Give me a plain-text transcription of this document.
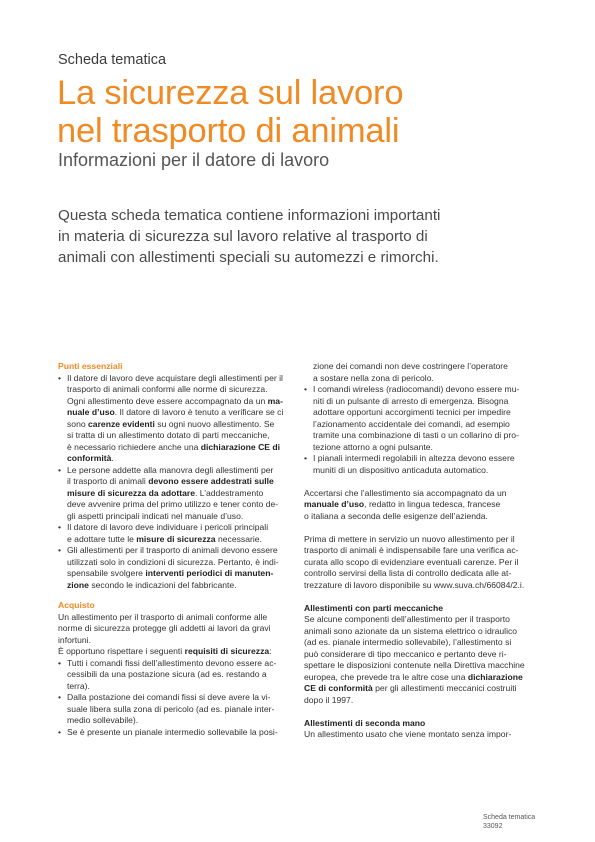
Scheda tematica
La sicurezza sul lavoro
nel trasporto di animali
Informazioni per il datore di lavoro

Questa scheda tematica contiene informazioni importanti
in materia di sicurezza sul lavoro relative al trasporto di
animali con allestimenti speciali su automezzi e rimorchi.

Punti essenziali
• Il datore di lavoro deve acquistare degli allestimenti per il
trasporto di animali conformi alle norme di sicurezza.
Ogni allestimento deve essere accompagnato da un ma-
nuale d’uso. Il datore di lavoro è tenuto a verificare se ci
sono carenze evidenti su ogni nuovo allestimento. Se
si tratta di un allestimento dotato di parti meccaniche,
è necessario richiedere anche una dichiarazione CE di
conformità.
• Le persone addette alla manovra degli allestimenti per
il trasporto di animali devono essere addestrati sulle
misure di sicurezza da adottare. L’addestramento
deve avvenire prima del primo utilizzo e tener conto de-
gli aspetti principali indicati nel manuale d’uso.
• Il datore di lavoro deve individuare i pericoli principali
e adottare tutte le misure di sicurezza necessarie.
• Gli allestimenti per il trasporto di animali devono essere
utilizzati solo in condizioni di sicurezza. Pertanto, è indi-
spensabile svolgere interventi periodici di manuten-
zione secondo le indicazioni del fabbricante.
Acquisto
Un allestimento per il trasporto di animali conforme alle
norme di sicurezza protegge gli addetti ai lavori da gravi
infortuni.
È opportuno rispettare i seguenti requisiti di sicurezza:
• Tutti i comandi fissi dell’allestimento devono essere ac-
cessibili da una postazione sicura (ad es. restando a
terra).
• Dalla postazione dei comandi fissi si deve avere la vi-
suale libera sulla zona di pericolo (ad es. pianale inter-
medio sollevabile).
• Se è presente un pianale intermedio sollevabile la posi-
zione dei comandi non deve costringere l’operatore
a sostare nella zona di pericolo.
• I comandi wireless (radiocomandi) devono essere mu-
niti di un pulsante di arresto di emergenza. Bisogna
adottare opportuni accorgimenti tecnici per impedire
l’azionamento accidentale dei comandi, ad esempio
tramite una combinazione di tasti o un collarino di pro-
tezione attorno a ogni pulsante.
• I pianali intermedi regolabili in altezza devono essere
muniti di un dispositivo anticaduta automatico.
Accertarsi che l’allestimento sia accompagnato da un
manuale d’uso, redatto in lingua tedesca, francese
o italiana a seconda delle esigenze dell’azienda.
Prima di mettere in servizio un nuovo allestimento per il
trasporto di animali è indispensabile fare una verifica ac-
curata allo scopo di evidenziare eventuali carenze. Per il
controllo servirsi della lista di controllo dedicata alle at-
trezzature di lavoro disponibile su www.suva.ch/66084/2.i.
Allestimenti con parti meccaniche
Se alcune componenti dell’allestimento per il trasporto
animali sono azionate da un sistema elettrico o idraulico
(ad es. pianale intermedio sollevabile), l’allestimento si
può considerare di tipo meccanico e pertanto deve ri-
spettare le disposizioni contenute nella Direttiva macchine
europea, che prevede tra le altre cose una dichiarazione
CE di conformità per gli allestimenti meccanici costruiti
dopo il 1997.
Allestimenti di seconda mano
Un allestimento usato che viene montato senza impor-
Scheda tematica
33092
